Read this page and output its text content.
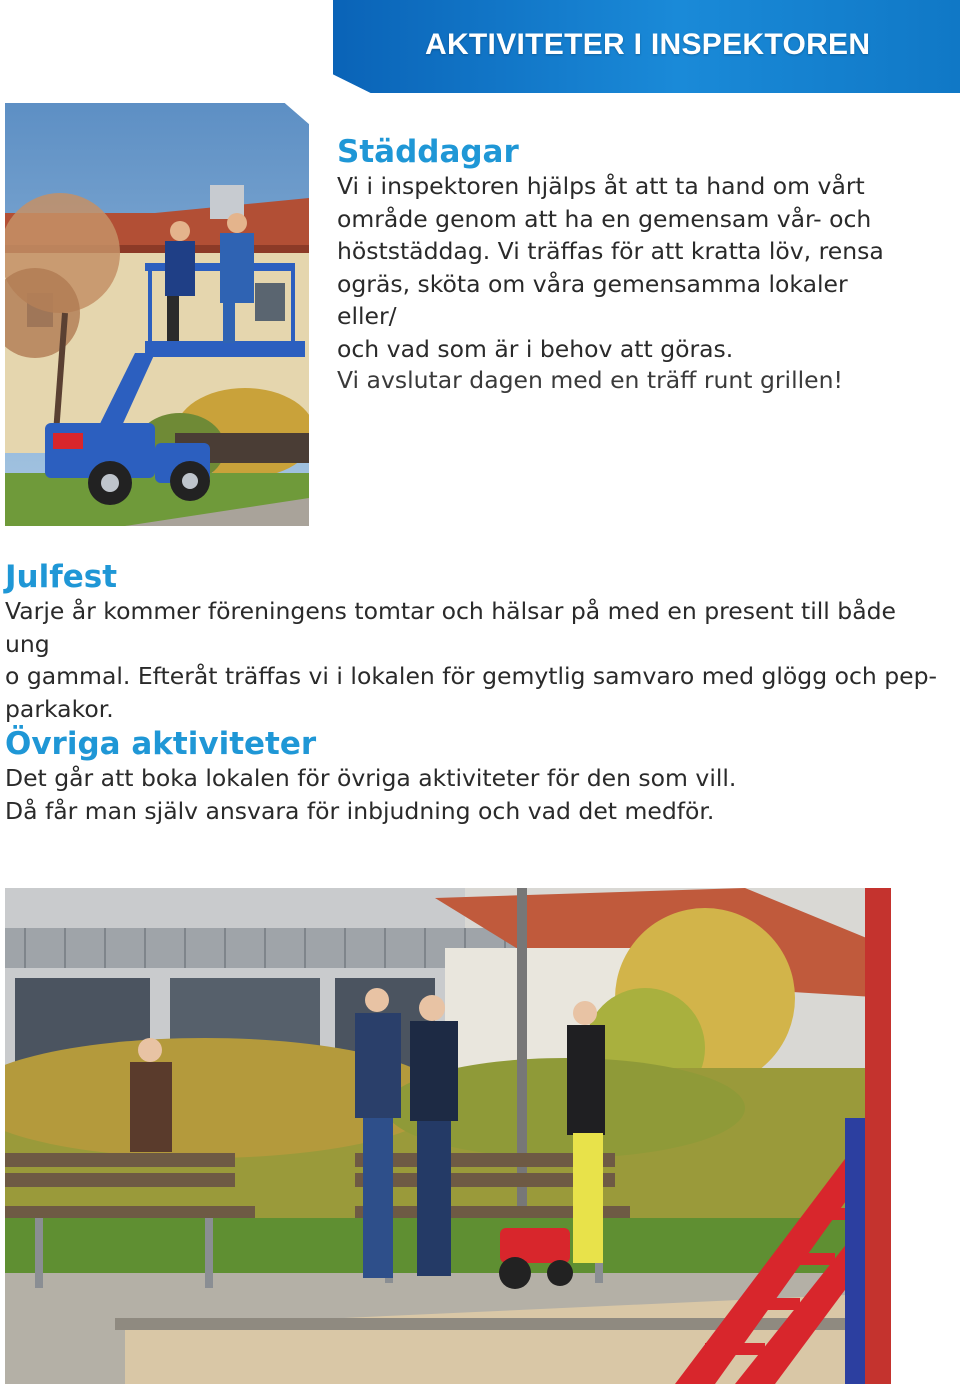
AKTIVITETER I INSPEKTOREN
Städdagar

Vi i inspektoren hjälps åt att ta hand om vårt
område genom att ha en gemensam vår- och
höststäddag. Vi träffas för att kratta löv, rensa
ogräs, sköta om våra gemensamma lokaler eller/
och vad som är i behov att göras.

Vi avslutar dagen med en träff runt grillen!

Julfest

Varje år kommer föreningens tomtar och hälsar på med en present till både ung
o gammal. Efteråt träffas vi i lokalen för gemytlig samvaro med glögg och pep-
parkakor.

Övriga aktiviteter

Det går att boka lokalen för övriga aktiviteter för den som vill.
Då får man själv ansvara för inbjudning och vad det medför.
